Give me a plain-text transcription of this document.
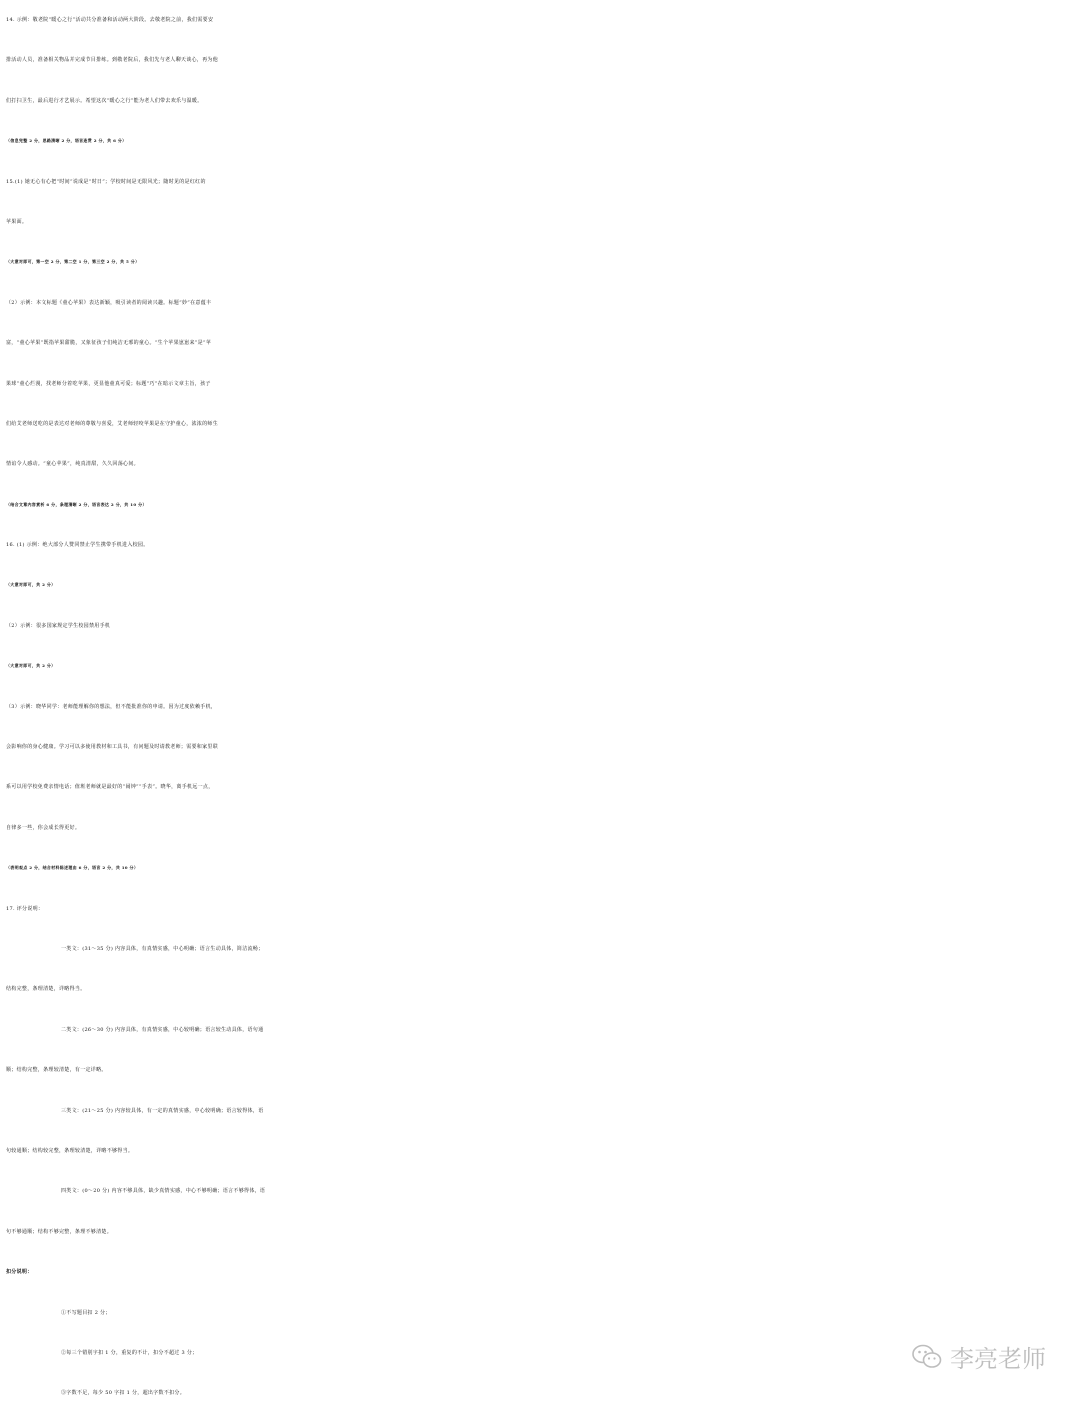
14. 示例：敬老院“暖心之行”活动共分准备和活动两大阶段。去敬老院之前，我们需要安
排活动人员，准备相关物品并完成节目排练。到敬老院后，我们先与老人聊天谈心，再为他
们打扫卫生，最后进行才艺展示。希望这次“暖心之行”能为老人们带去欢乐与温暖。
（信息完整 2 分，思路清晰 2 分，语言连贯 2 分，共 6 分）
15.(1) 她无心有心把“时间”说成是“时日”；学校时间是无限风光；随时见的是红红的
苹果面。
（大意对即可，第一空 2 分，第二空 1 分，第三空 2 分，共 5 分）
（2）示例：本文标题《童心苹果》表达新颖，吸引读者的阅读兴趣。标题“妙”在意蕴丰
富，“童心苹果”既指苹果甜脆，又象征孩子们纯洁无邪的童心。“生个苹果崽崽来”是“苹
果球”童心烂漫，找老师分着吃苹果，更显他童真可爱；标题“巧”在暗示文章主旨，孩子
们给艾老师送吃的是表达对老师的尊敬与喜爱，艾老师轻咬苹果是在守护童心，浓浓的师生
情谊令人感动。“童心苹果”，纯真清甜，久久回荡心间。
（结合文章内容赏析 6 分，条理清晰 2 分，语言表达 2 分，共 10 分）
16. (1) 示例：绝大部分人赞同禁止学生携带手机进入校园。
（大意对即可，共 2 分）
（2）示例：很多国家规定学生校园禁用手机
（大意对即可，共 2 分）
（3）示例：晓华同学：老师能理解你的想法，但不能批准你的申请。因为过度依赖手机，
会影响你的身心健康。学习可以多使用教材和工具书，有问题及时请教老师；需要和家里联
系可以用学校免费亲情电话；值班老师就是最好的“闹钟”“手表”。晓华，离手机远一点，
自律多一些，你会成长得更好。
（表明观点 2 分，结合材料陈述理由 6 分，语言 2 分，共 10 分）
17. 评分说明：
一类文：(31～35 分) 内容具体，有真情实感，中心明确；语言生动具体，简洁流畅；
结构完整，条理清楚，详略得当。
二类文：(26～30 分) 内容具体，有真情实感，中心较明确；语言较生动具体，语句通
顺；结构完整，条理较清楚，有一定详略。
三类文：(21～25 分) 内容较具体，有一定的真情实感，中心较明确；语言较得体，语
句较通顺；结构较完整，条理较清楚，详略不够得当。
四类文：(0～20 分) 内容不够具体，缺少真情实感，中心不够明确；语言不够得体，语
句不够通顺；结构不够完整，条理不够清楚。
扣分说明：
①不写题目扣 2 分；
②每三个错别字扣 1 分，重复的不计，扣分不超过 3 分；
③字数不足，每少 50 字扣 1 分，超出字数不扣分。
李亮老师
